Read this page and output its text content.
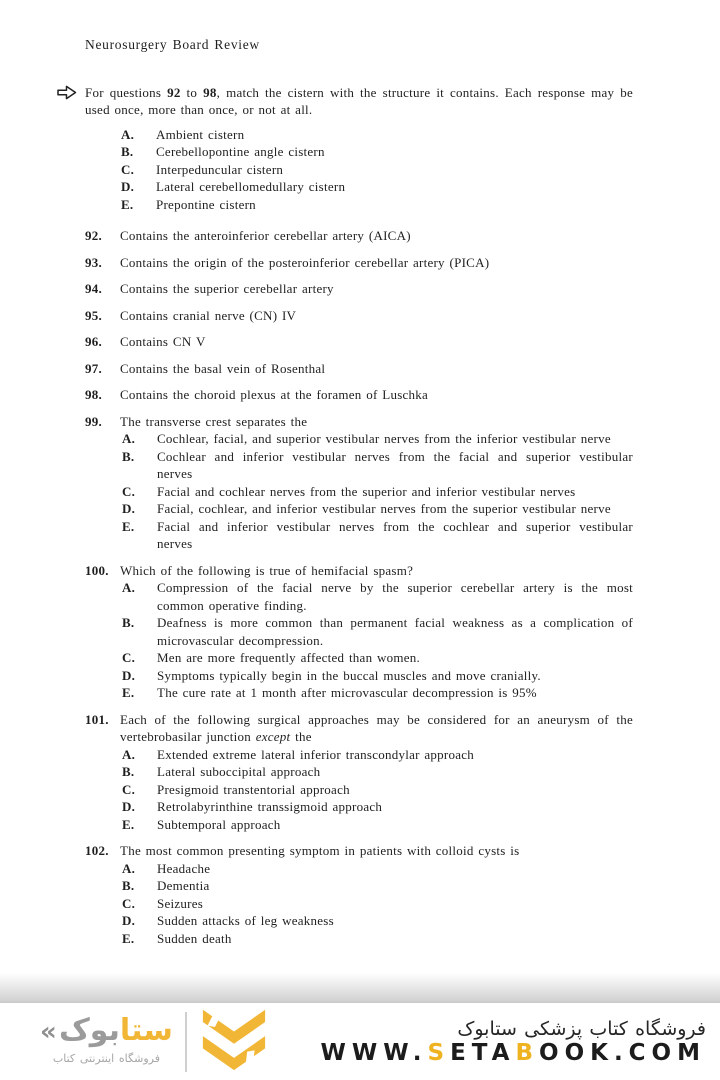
Neurosurgery Board Review
For questions 92 to 98, match the cistern with the structure it contains. Each response may be used once, more than once, or not at all.
A.	Ambient cistern
B.	Cerebellopontine angle cistern
C.	Interpeduncular cistern
D.	Lateral cerebellomedullary cistern
E.	Prepontine cistern
92.	Contains the anteroinferior cerebellar artery (AICA)
93.	Contains the origin of the posteroinferior cerebellar artery (PICA)
94.	Contains the superior cerebellar artery
95.	Contains cranial nerve (CN) IV
96.	Contains CN V
97.	Contains the basal vein of Rosenthal
98.	Contains the choroid plexus at the foramen of Luschka
99.	The transverse crest separates the
A.	Cochlear, facial, and superior vestibular nerves from the inferior vestibular nerve
B.	Cochlear and inferior vestibular nerves from the facial and superior vestibular nerves
C.	Facial and cochlear nerves from the superior and inferior vestibular nerves
D.	Facial, cochlear, and inferior vestibular nerves from the superior vestibular nerve
E.	Facial and inferior vestibular nerves from the cochlear and superior vestibular nerves
100. Which of the following is true of hemifacial spasm?
A.	Compression of the facial nerve by the superior cerebellar artery is the most common operative finding.
B.	Deafness is more common than permanent facial weakness as a complication of microvascular decompression.
C.	Men are more frequently affected than women.
D.	Symptoms typically begin in the buccal muscles and move cranially.
E.	The cure rate at 1 month after microvascular decompression is 95%
101. Each of the following surgical approaches may be considered for an aneurysm of the vertebrobasilar junction except the
A.	Extended extreme lateral inferior transcondylar approach
B.	Lateral suboccipital approach
C.	Presigmoid transtentorial approach
D.	Retrolabyrinthine transsigmoid approach
E.	Subtemporal approach
102. The most common presenting symptom in patients with colloid cysts is
A.	Headache
B.	Dementia
C.	Seizures
D.	Sudden attacks of leg weakness
E.	Sudden death
« بوک ستا
فروشگاه اینترنتی کتاب
فروشگاه کتاب پزشکی ستابوک
WWW.SETABOOK.COM
